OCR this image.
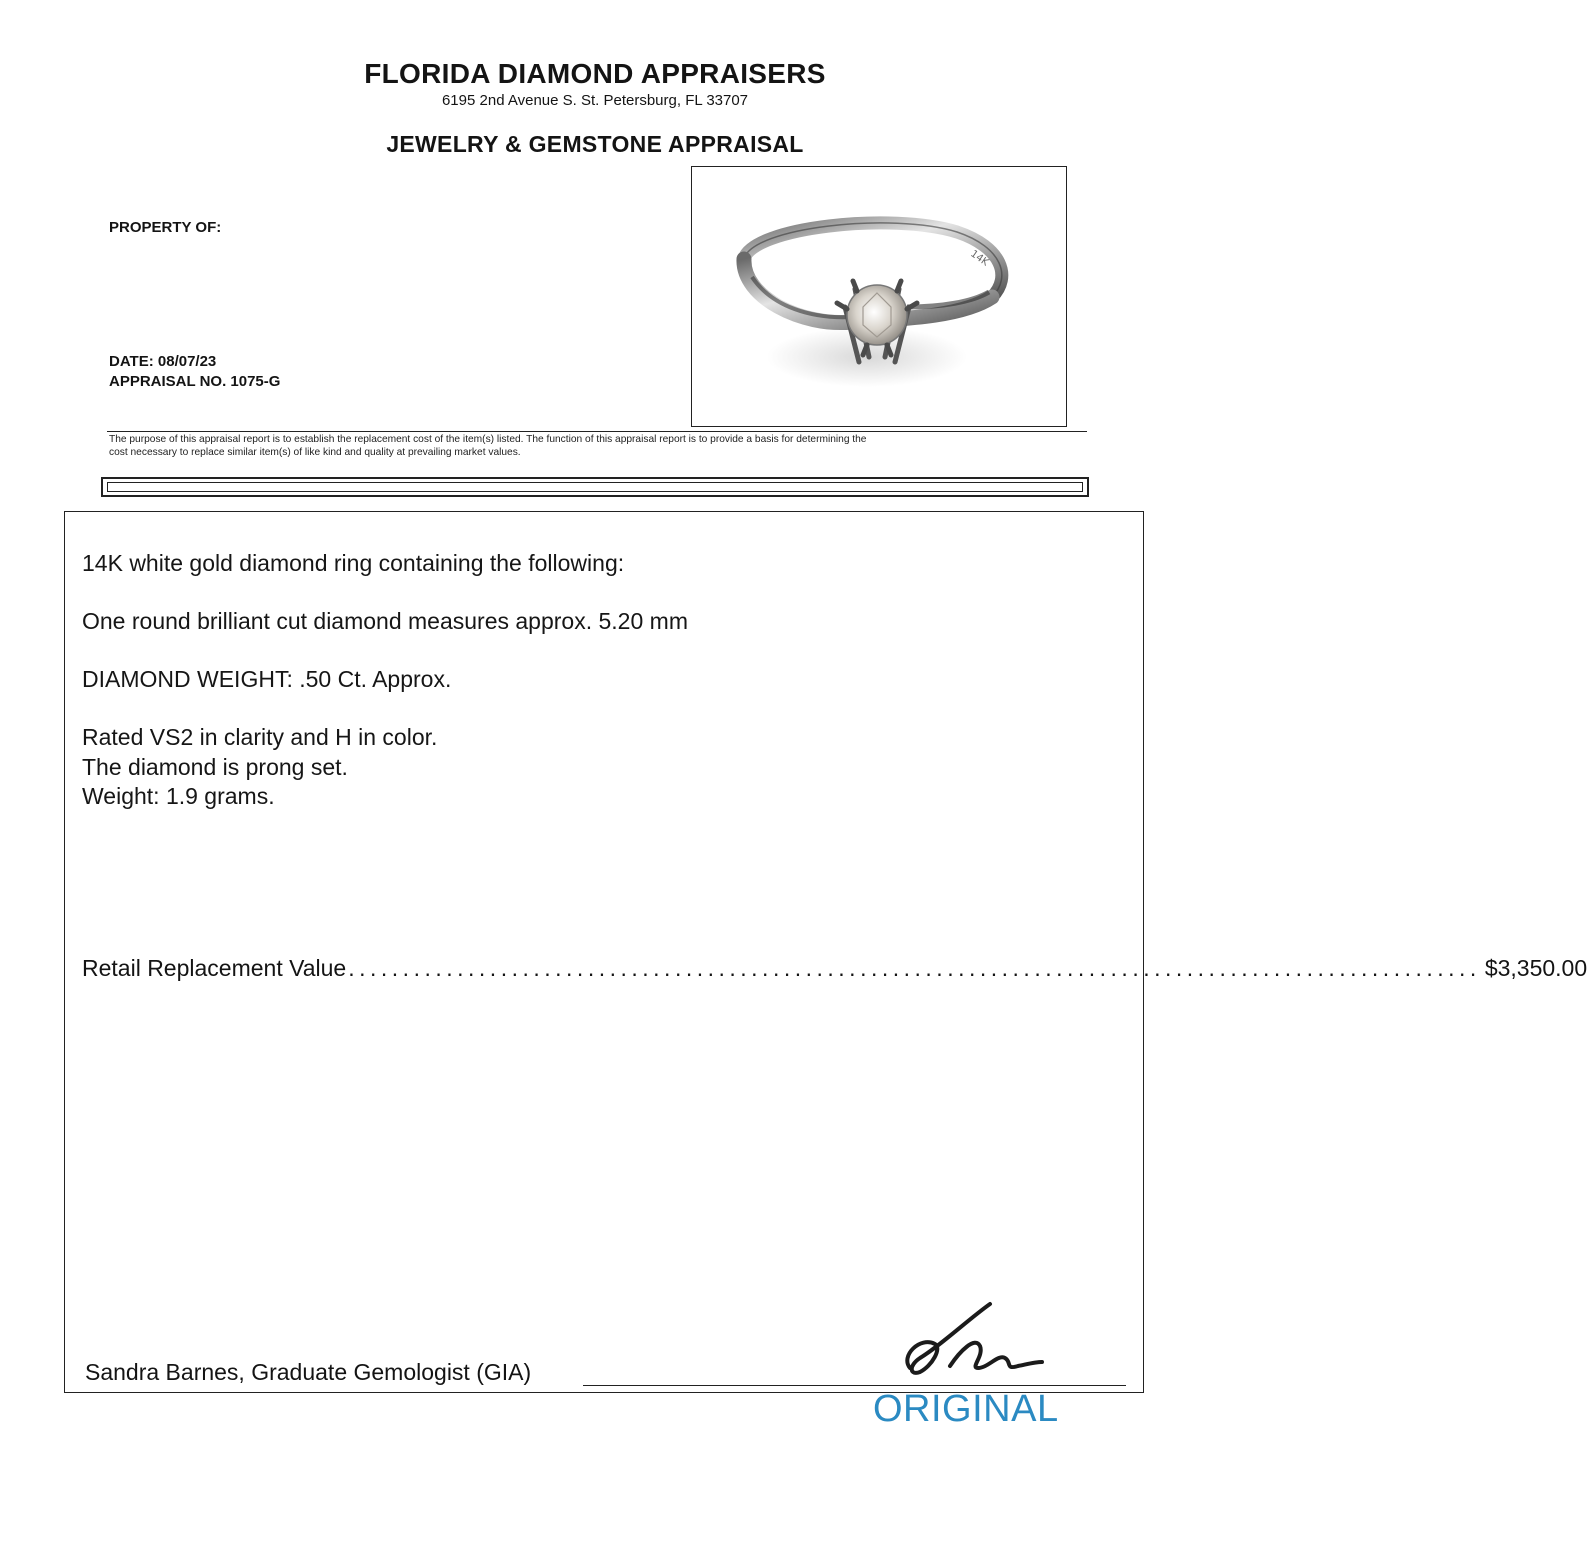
FLORIDA DIAMOND APPRAISERS
6195 2nd Avenue S. St. Petersburg, FL 33707
JEWELRY & GEMSTONE APPRAISAL
PROPERTY OF:
DATE: 08/07/23
APPRAISAL NO. 1075-G
14K
The purpose of this appraisal report is to establish the replacement cost of the item(s) listed. The function of this appraisal report is to provide a basis for determining the
cost necessary to replace similar item(s) of like kind and quality at prevailing market values.
14K white gold diamond ring containing the following:
One round brilliant cut diamond measures approx. 5.20 mm
DIAMOND WEIGHT: .50 Ct. Approx.
Rated VS2 in clarity and H in color.
The diamond is prong set.
Weight: 1.9 grams.
Retail Replacement Value ........................................................................................................ $3,350.00
Sandra Barnes, Graduate Gemologist (GIA)
ORIGINAL
